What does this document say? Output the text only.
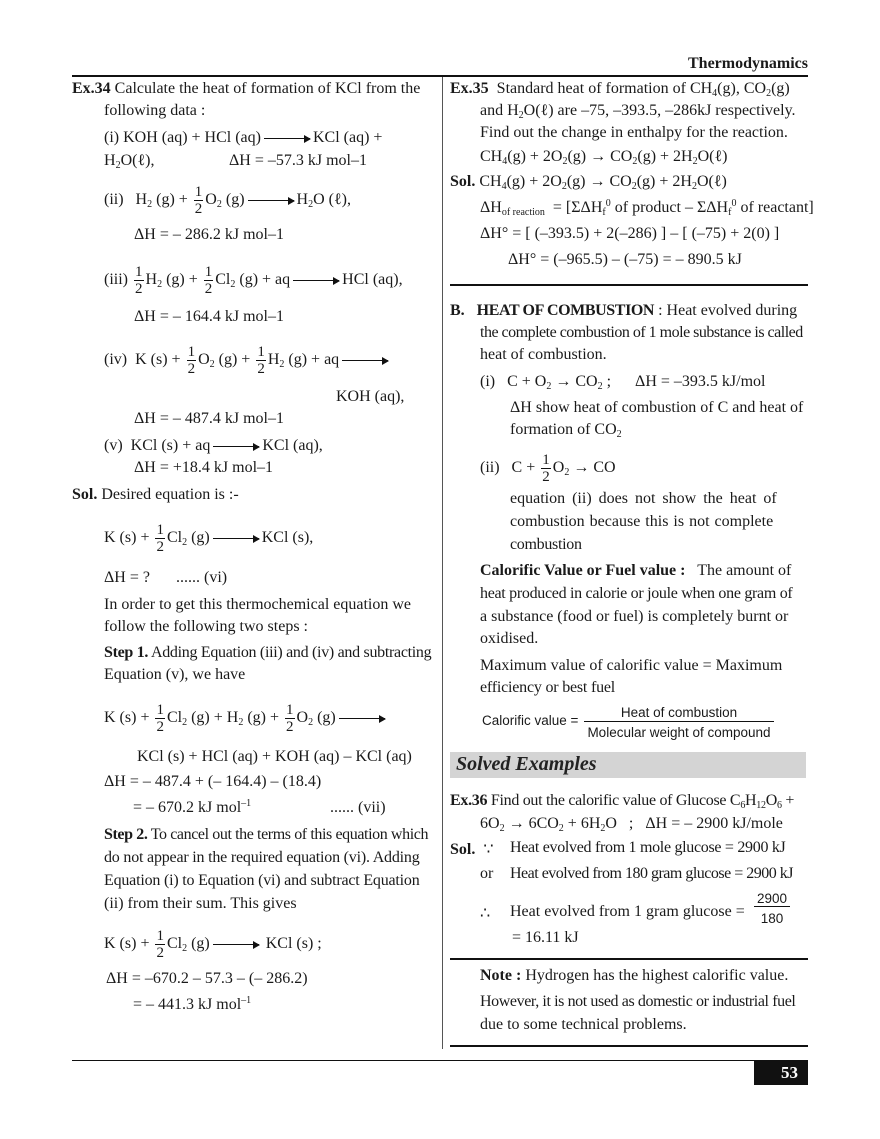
Thermodynamics
Ex.34 Calculate the heat of formation of KCl from the
following data :
(i) KOH (aq) + HCl (aq)	KCl (aq) +
$H_2O(\ell)$,	ΔH = –57.3 kJ mol–1
(ii)   $H_2$ $(g) + \frac{1}{2} O_2$ (g)	$H_2O$ (ℓ),
ΔH = – 286.2 kJ mol–1
$(iii) \frac{1}{2} H_2$ $(g) + \frac{1}{2} Cl_2$ (g) + aq	HCl (aq),
ΔH = – 164.4 kJ mol–1
(iv)  K $(s) + \frac{1}{2} O_2$ $(g) + \frac{1}{2} H_2$ (g) + aq
KOH (aq),
ΔH = – 487.4 kJ mol–1
(v)  KCl (s) + aq	KCl (aq),
ΔH = +18.4 kJ mol–1
Sol. Desired equation is :-
K $(s) + \frac{1}{2} Cl_2$ (g)	KCl (s),
ΔH = ? ...... (vi)
In order to get this thermochemical equation we
follow the following two steps :
Step 1. Adding Equation (iii) and (iv) and subtracting
Equation (v), we have
K $(s) + \frac{1}{2} Cl_2$ $(g) + H_2$ $(g) + \frac{1}{2} O_2$ (g)
KCl (s) + HCl (aq) + KOH (aq) – KCl (aq)
ΔH = – 487.4 + (– 164.4) – (18.4)
= – 670.2 kJ mol$^{-1}$	...... (vii)
Step 2. To cancel out the terms of this equation which
do not appear in the required equation (vi). Adding
Equation (i) to Equation (vi) and subtract Equation
(ii) from their sum. This gives
K $(s) + \frac{1}{2} Cl_2$ (g)	KCl (s) ;
ΔH = –670.2 – 57.3 – (– 286.2)
= – 441.3 kJ mol$^{-1}$
Ex.35  Standard heat of formation of $CH_4(g)$, $CO_2(g)$
and $H_2O(\ell)$ are –75, –393.5, –286kJ respectively.
Find out the change in enthalpy for the reaction.
$CH_4(g) + 2O_2(g) \to CO_2(g)$ + $2H_2O(\ell)$
Sol. $CH_4(g) + 2O_2(g) \to CO_2(g)$ + $2H_2O(\ell)$
$\Delta H_{of reaction} = [\Sigma\Delta H_f^0$ of product – $\Sigma\Delta H_f^0$ of reactant]
ΔH° = [ (–393.5) + 2(–286) ] – [ (–75) + 2(0) ]
ΔH° = (–965.5) – (–75) = – 890.5 kJ
B. HEAT OF COMBUSTION : Heat evolved during
the complete combustion of 1 mole substance is called
heat of combustion.
(i)   $C + O_2 \to CO_2$ ;      ΔH = –393.5 kJ/mol
ΔH show heat of combustion of C and heat of
formation of $CO_2$
(ii)   $C + \frac{1}{2} O_2$ → CO
equation (ii) does not show the heat of
combustion because this is not complete
combustion
Calorific Value or Fuel value : The amount of
heat produced in calorie or joule when one gram of
a substance (food or fuel) is completely burnt or
oxidised.
Maximum value of calorific value = Maximum
efficiency or best fuel
Calorific value =
Heat of combustion
Molecular weight of compound
Solved Examples
Ex.36 Find out the calorific value of Glucose $C_6H_{12}O_6$ +
$6O_2 \to 6CO_2 + 6H_2O$   ;   ΔH = – 2900 kJ/mole
Sol. ∵ Heat evolved from 1 mole glucose = 2900 kJ
or Heat evolved from 180 gram glucose = 2900 kJ
∴ Heat evolved from 1 gram glucose =
2900
180
= 16.11 kJ
Note : Hydrogen has the highest calorific value.
However, it is not used as domestic or industrial fuel
due to some technical problems.
53
